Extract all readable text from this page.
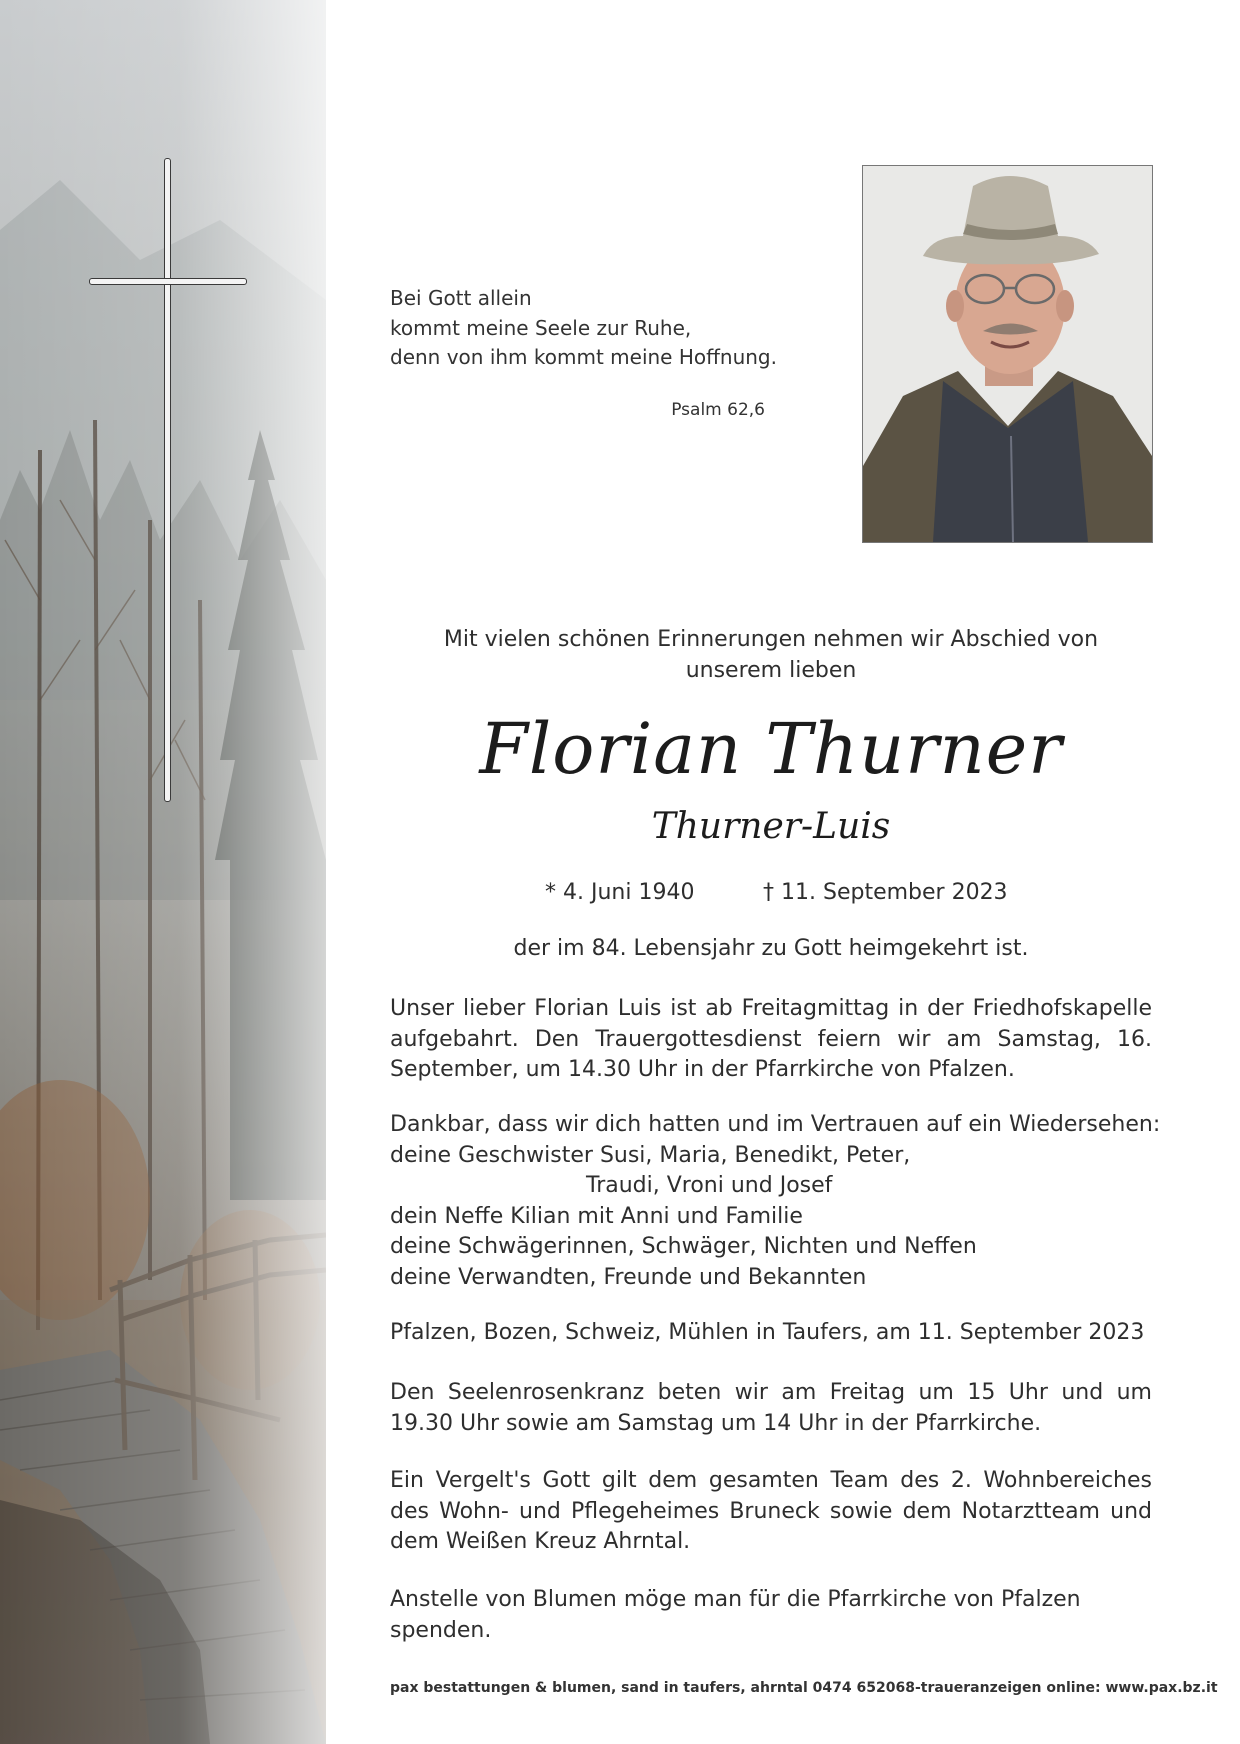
Bei Gott allein
kommt meine Seele zur Ruhe,
denn von ihm kommt meine Hoffnung.
Psalm 62,6
Mit vielen schönen Erinnerungen nehmen wir Abschied von
unserem lieben
Florian Thurner
Thurner-Luis
* 4. Juni 1940	† 11. September 2023
der im 84. Lebensjahr zu Gott heimgekehrt ist.
Unser lieber Florian Luis ist ab Freitagmittag in der Friedhofskapelle aufgebahrt. Den Trauergottesdienst feiern wir am Samstag, 16. September, um 14.30 Uhr in der Pfarrkirche von Pfalzen.
Dankbar, dass wir dich hatten und im Vertrauen auf ein Wiedersehen:
deine Geschwister Susi, Maria, Benedikt, Peter,
Traudi, Vroni und Josef
dein Neffe Kilian mit Anni und Familie
deine Schwägerinnen, Schwäger, Nichten und Neffen
deine Verwandten, Freunde und Bekannten
Pfalzen, Bozen, Schweiz, Mühlen in Taufers, am 11. September 2023
Den Seelenrosenkranz beten wir am Freitag um 15 Uhr und um 19.30 Uhr sowie am Samstag um 14 Uhr in der Pfarrkirche.
Ein Vergelt's Gott gilt dem gesamten Team des 2. Wohnbereiches des Wohn- und Pflegeheimes Bruneck sowie dem Notarztteam und dem Weißen Kreuz Ahrntal.
Anstelle von Blumen möge man für die Pfarrkirche von Pfalzen spenden.
pax bestattungen & blumen, sand in taufers, ahrntal 0474 652068-traueranzeigen online: www.pax.bz.it
